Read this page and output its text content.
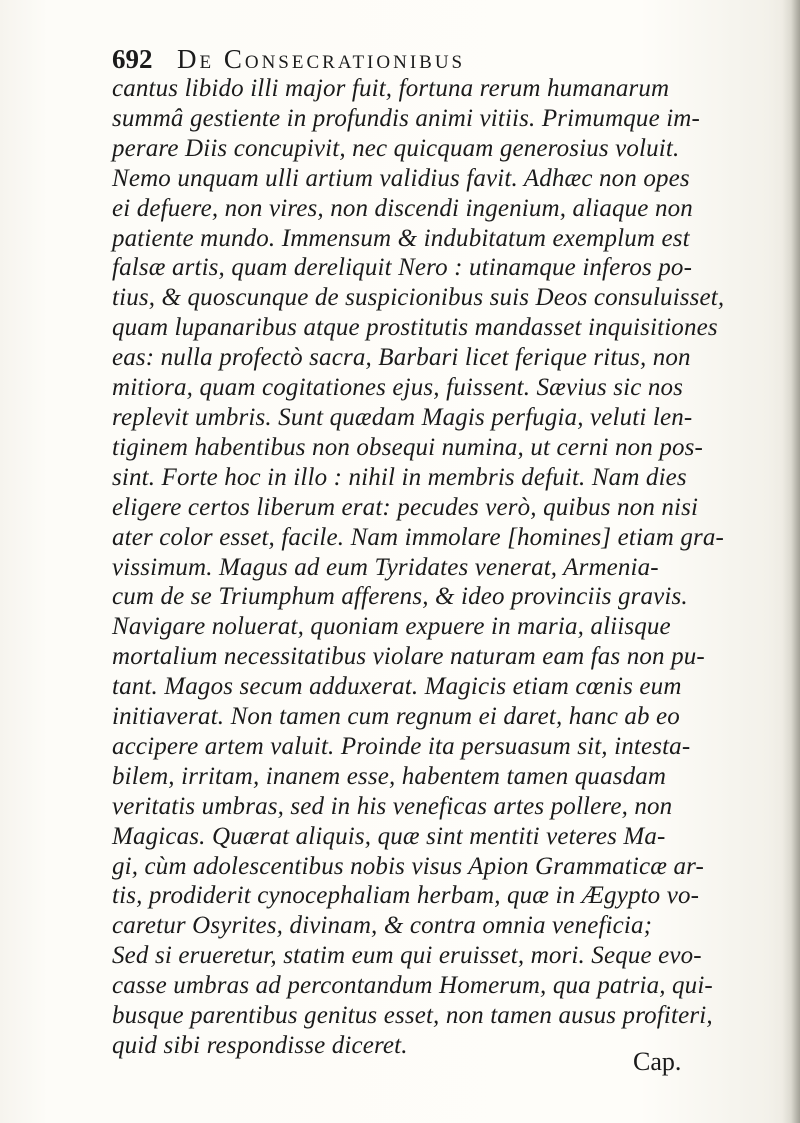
692 De Consecrationibus
cantus libido illi major fuit, fortuna rerum humanarum
summâ gestiente in profundis animi vitiis. Primumque im-
perare Diis concupivit, nec quicquam generosius voluit.
Nemo unquam ulli artium validius favit. Adhæc non opes
ei defuere, non vires, non discendi ingenium, aliaque non
patiente mundo. Immensum & indubitatum exemplum est
falsæ artis, quam dereliquit Nero : utinamque inferos po-
tius, & quoscunque de suspicionibus suis Deos consuluisset,
quam lupanaribus atque prostitutis mandasset inquisitiones
eas: nulla profectò sacra, Barbari licet ferique ritus, non
mitiora, quam cogitationes ejus, fuissent. Sævius sic nos
replevit umbris. Sunt quædam Magis perfugia, veluti len-
tiginem habentibus non obsequi numina, ut cerni non pos-
sint. Forte hoc in illo : nihil in membris defuit. Nam dies
eligere certos liberum erat: pecudes verò, quibus non nisi
ater color esset, facile. Nam immolare [homines] etiam gra-
vissimum. Magus ad eum Tyridates venerat, Armenia-
cum de se Triumphum afferens, & ideo provinciis gravis.
Navigare noluerat, quoniam expuere in maria, aliisque
mortalium necessitatibus violare naturam eam fas non pu-
tant. Magos secum adduxerat. Magicis etiam cœnis eum
initiaverat. Non tamen cum regnum ei daret, hanc ab eo
accipere artem valuit. Proinde ita persuasum sit, intesta-
bilem, irritam, inanem esse, habentem tamen quasdam
veritatis umbras, sed in his veneficas artes pollere, non
Magicas. Quærat aliquis, quæ sint mentiti veteres Ma-
gi, cùm adolescentibus nobis visus Apion Grammaticæ ar-
tis, prodiderit cynocephaliam herbam, quæ in Ægypto vo-
caretur Osyrites, divinam, & contra omnia veneficia;
Sed si erueretur, statim eum qui eruisset, mori. Seque evo-
casse umbras ad percontandum Homerum, qua patria, qui-
busque parentibus genitus esset, non tamen ausus profiteri,
quid sibi respondisse diceret.
Cap.
